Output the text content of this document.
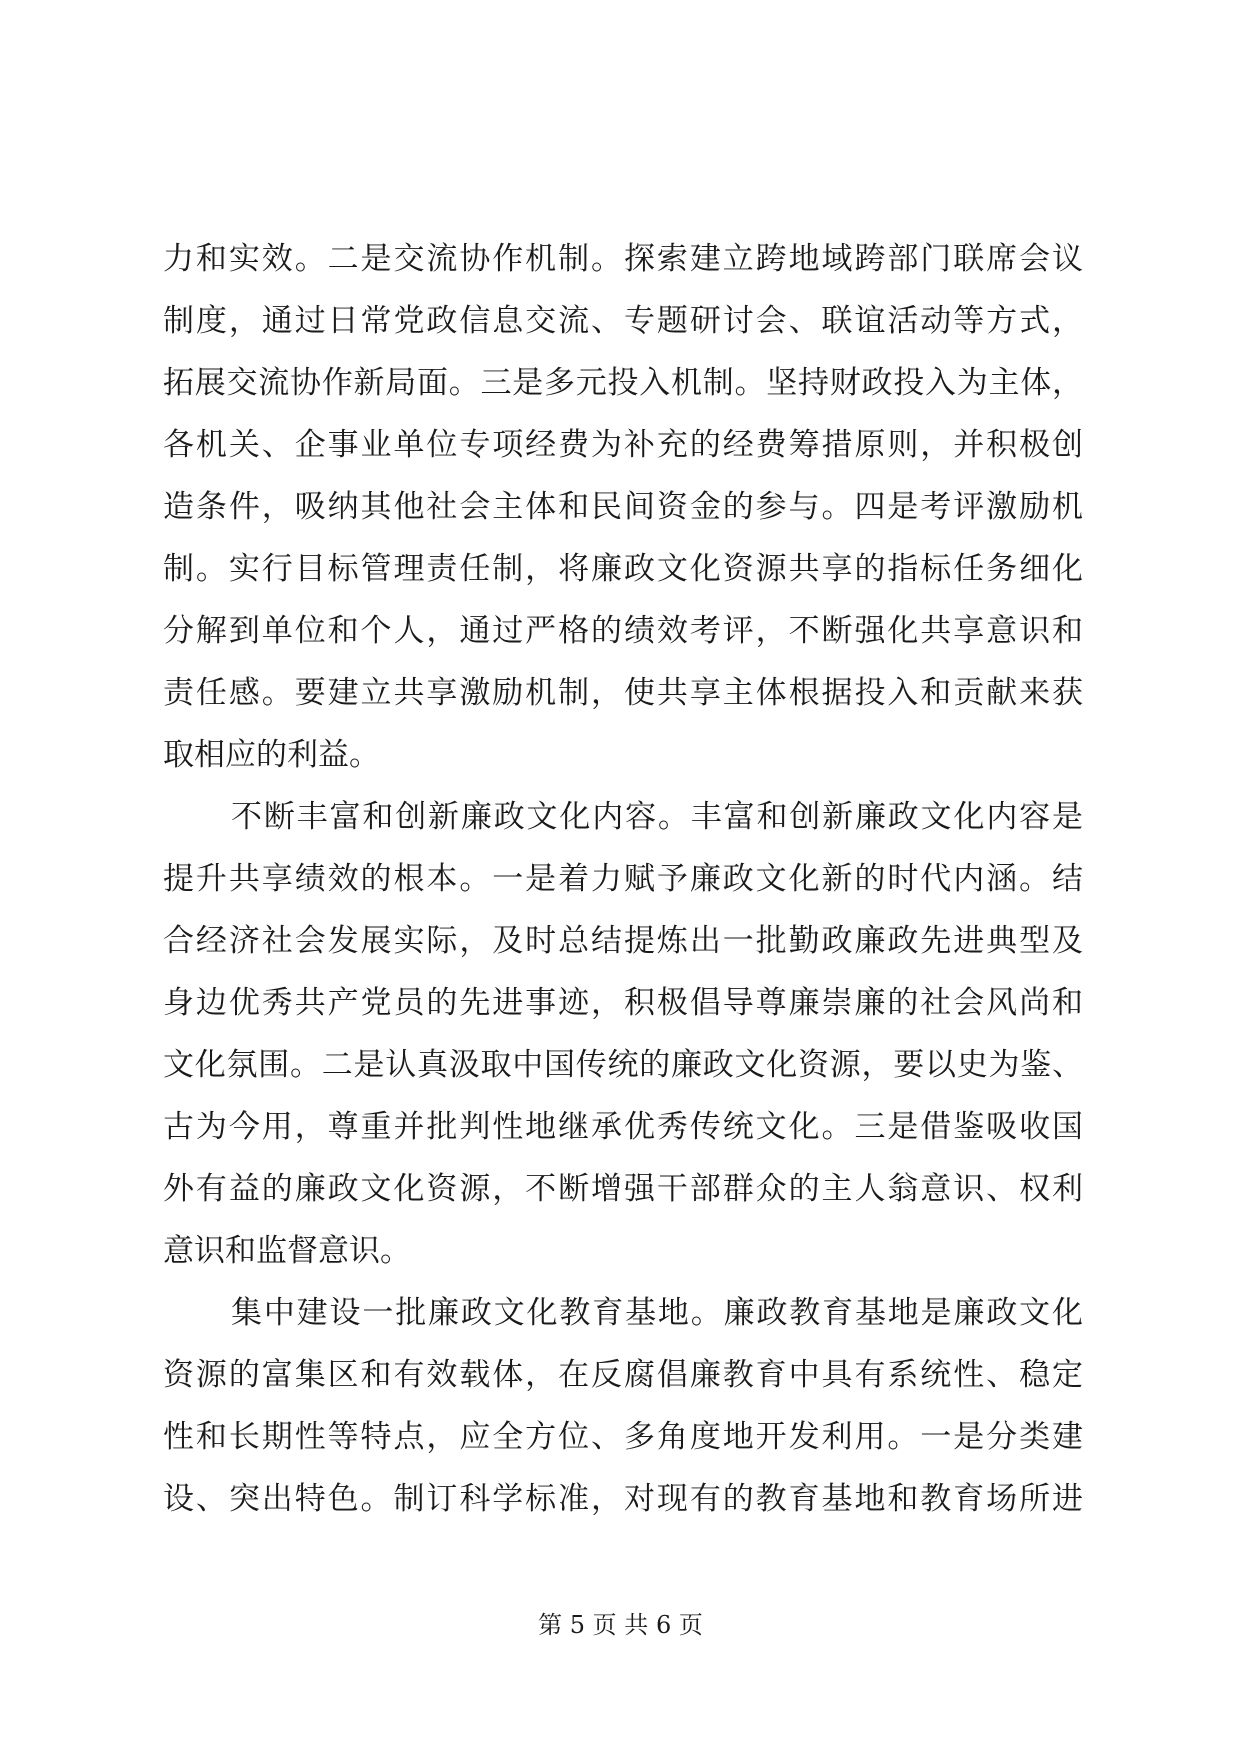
力和实效。二是交流协作机制。探索建立跨地域跨部门联席会议
制度，通过日常党政信息交流、专题研讨会、联谊活动等方式，
拓展交流协作新局面。三是多元投入机制。坚持财政投入为主体，
各机关、企事业单位专项经费为补充的经费筹措原则，并积极创
造条件，吸纳其他社会主体和民间资金的参与。四是考评激励机
制。实行目标管理责任制，将廉政文化资源共享的指标任务细化
分解到单位和个人，通过严格的绩效考评，不断强化共享意识和
责任感。要建立共享激励机制，使共享主体根据投入和贡献来获
取相应的利益。
不断丰富和创新廉政文化内容。丰富和创新廉政文化内容是
提升共享绩效的根本。一是着力赋予廉政文化新的时代内涵。结
合经济社会发展实际，及时总结提炼出一批勤政廉政先进典型及
身边优秀共产党员的先进事迹，积极倡导尊廉崇廉的社会风尚和
文化氛围。二是认真汲取中国传统的廉政文化资源，要以史为鉴、
古为今用，尊重并批判性地继承优秀传统文化。三是借鉴吸收国
外有益的廉政文化资源，不断增强干部群众的主人翁意识、权利
意识和监督意识。
集中建设一批廉政文化教育基地。廉政教育基地是廉政文化
资源的富集区和有效载体，在反腐倡廉教育中具有系统性、稳定
性和长期性等特点，应全方位、多角度地开发利用。一是分类建
设、突出特色。制订科学标准，对现有的教育基地和教育场所进
第 5 页 共 6 页
